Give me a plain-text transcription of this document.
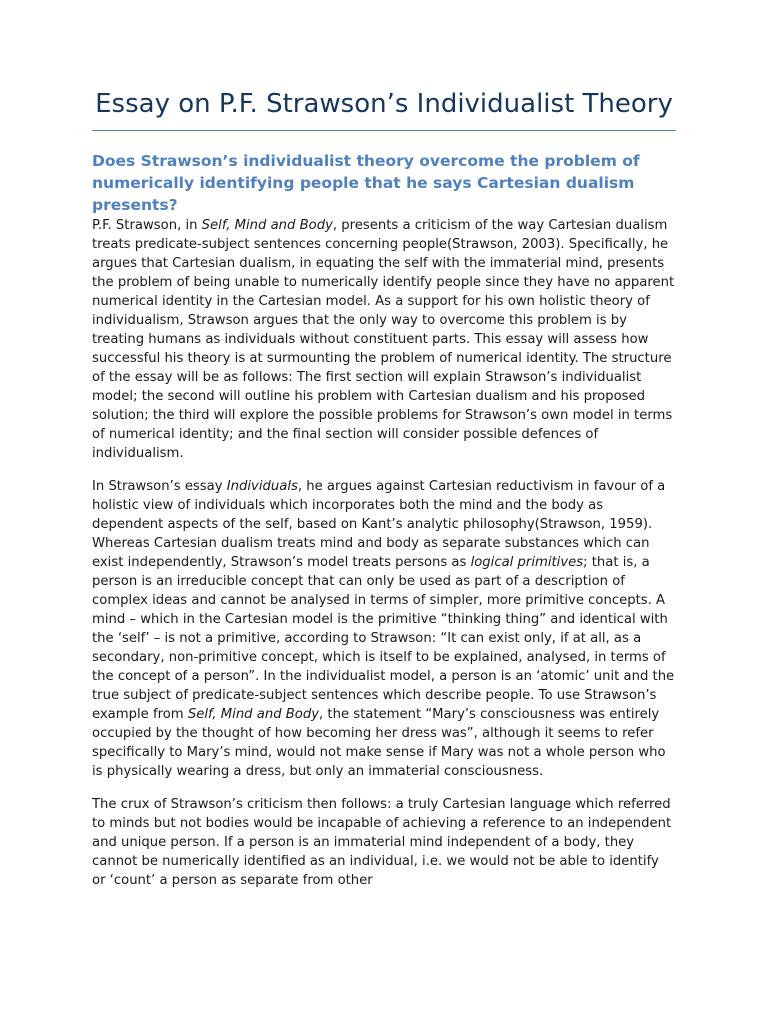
Essay on P.F. Strawson’s Individualist Theory
Does Strawson’s individualist theory overcome the problem of numerically identifying people that he says Cartesian dualism presents?

P.F. Strawson, in Self, Mind and Body, presents a criticism of the way Cartesian dualism treats predicate-subject sentences concerning people(Strawson, 2003). Specifically, he argues that Cartesian dualism, in equating the self with the immaterial mind, presents the problem of being unable to numerically identify people since they have no apparent numerical identity in the Cartesian model. As a support for his own holistic theory of individualism, Strawson argues that the only way to overcome this problem is by treating humans as individuals without constituent parts. This essay will assess how successful his theory is at surmounting the problem of numerical identity. The structure of the essay will be as follows: The first section will explain Strawson’s individualist model; the second will outline his problem with Cartesian dualism and his proposed solution; the third will explore the possible problems for Strawson’s own model in terms of numerical identity; and the final section will consider possible defences of individualism.

In Strawson’s essay Individuals, he argues against Cartesian reductivism in favour of a holistic view of individuals which incorporates both the mind and the body as dependent aspects of the self, based on Kant’s analytic philosophy(Strawson, 1959). Whereas Cartesian dualism treats mind and body as separate substances which can exist independently, Strawson’s model treats persons as logical primitives; that is, a person is an irreducible concept that can only be used as part of a description of complex ideas and cannot be analysed in terms of simpler, more primitive concepts. A mind – which in the Cartesian model is the primitive “thinking thing” and identical with the ‘self’ – is not a primitive, according to Strawson: “It can exist only, if at all, as a secondary, non-primitive concept, which is itself to be explained, analysed, in terms of the concept of a person”. In the individualist model, a person is an ‘atomic’ unit and the true subject of predicate-subject sentences which describe people. To use Strawson’s example from Self, Mind and Body, the statement “Mary’s consciousness was entirely occupied by the thought of how becoming her dress was”, although it seems to refer specifically to Mary’s mind, would not make sense if Mary was not a whole person who is physically wearing a dress, but only an immaterial consciousness.

The crux of Strawson’s criticism then follows: a truly Cartesian language which referred to minds but not bodies would be incapable of achieving a reference to an independent and unique person. If a person is an immaterial mind independent of a body, they cannot be numerically identified as an individual, i.e. we would not be able to identify or ‘count’ a person as separate from other
